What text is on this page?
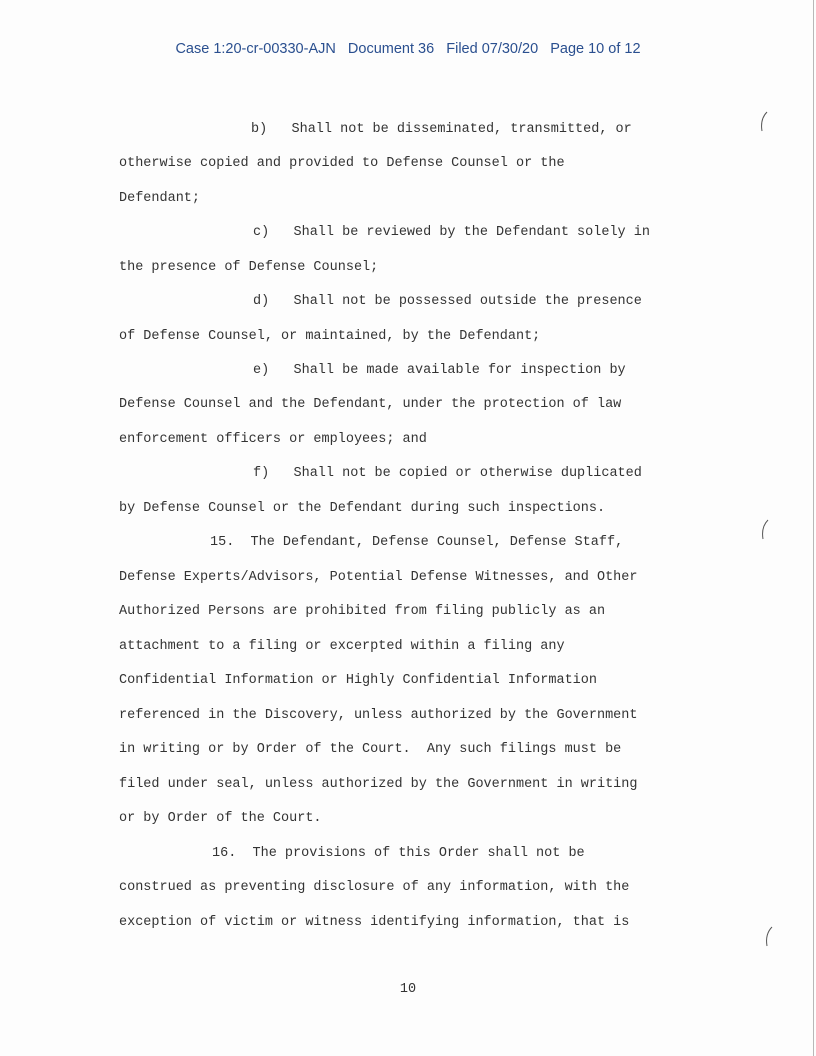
Case 1:20-cr-00330-AJN   Document 36   Filed 07/30/20   Page 10 of 12
b)   Shall not be disseminated, transmitted, or
otherwise copied and provided to Defense Counsel or the
Defendant;
c)   Shall be reviewed by the Defendant solely in
the presence of Defense Counsel;
d)   Shall not be possessed outside the presence
of Defense Counsel, or maintained, by the Defendant;
e)   Shall be made available for inspection by
Defense Counsel and the Defendant, under the protection of law
enforcement officers or employees; and
f)   Shall not be copied or otherwise duplicated
by Defense Counsel or the Defendant during such inspections.
15.  The Defendant, Defense Counsel, Defense Staff,
Defense Experts/Advisors, Potential Defense Witnesses, and Other
Authorized Persons are prohibited from filing publicly as an
attachment to a filing or excerpted within a filing any
Confidential Information or Highly Confidential Information
referenced in the Discovery, unless authorized by the Government
in writing or by Order of the Court.  Any such filings must be
filed under seal, unless authorized by the Government in writing
or by Order of the Court.
16.  The provisions of this Order shall not be
construed as preventing disclosure of any information, with the
exception of victim or witness identifying information, that is
10
